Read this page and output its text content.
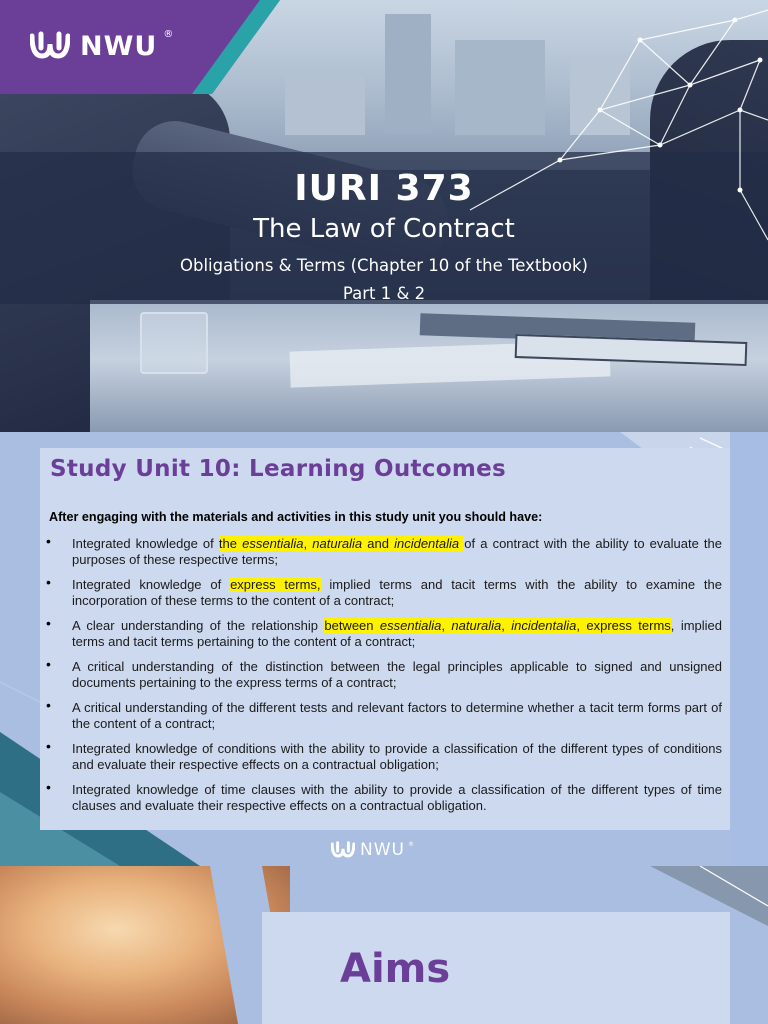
NWU ®
IURI 373
The Law of Contract
Obligations & Terms (Chapter 10 of the Textbook)
Part 1 & 2
Study Unit 10: Learning Outcomes

After engaging with the materials and activities in this study unit you should have:

• Integrated knowledge of the essentialia, naturalia and incidentalia of a contract with the ability to evaluate the purposes of these respective terms;
• Integrated knowledge of express terms, implied terms and tacit terms with the ability to examine the incorporation of these terms to the content of a contract;
• A clear understanding of the relationship between essentialia, naturalia, incidentalia, express terms, implied terms and tacit terms pertaining to the content of a contract;
• A critical understanding of the distinction between the legal principles applicable to signed and unsigned documents pertaining to the express terms of a contract;
• A critical understanding of the different tests and relevant factors to determine whether a tacit term forms part of the content of a contract;
• Integrated knowledge of conditions with the ability to provide a classification of the different types of conditions and evaluate their respective effects on a contractual obligation;
• Integrated knowledge of time clauses with the ability to provide a classification of the different types of time clauses and evaluate their respective effects on a contractual obligation.
NWU ®
Aims
